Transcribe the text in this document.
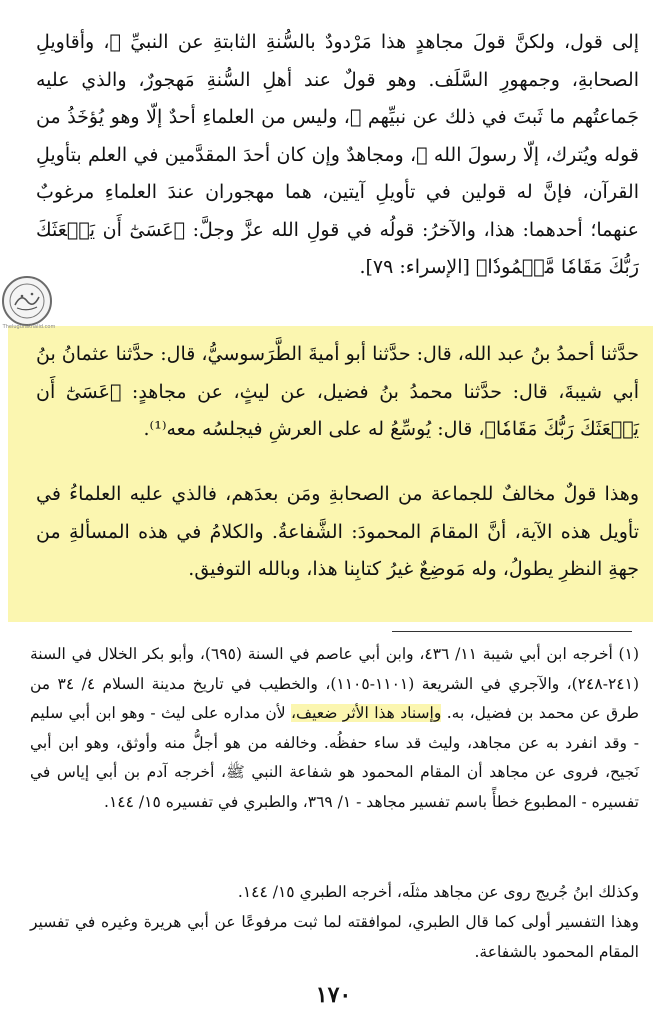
إلى قول، ولكنَّ قولَ مجاهدٍ هذا مَرْدودٌ بالسُّنةِ الثابتةِ عن النبيِّ ﷺ، وأقاويلِ الصحابةِ، وجمهورِ السَّلَف. وهو قولٌ عند أهلِ السُّنةِ مَهجورٌ، والذي عليه جَماعتُهم ما ثَبتَ في ذلك عن نبيِّهم ﷺ، وليس من العلماءِ أحدٌ إلّا وهو يُؤخَذُ من قوله ويُترك، إلّا رسولَ الله ﷺ، ومجاهدٌ وإن كان أحدَ المقدَّمين في العلم بتأويلِ القرآن، فإنَّ له قولين في تأويلِ آيتين، هما مهجوران عندَ العلماءِ مرغوبٌ عنهما؛ أحدهما: هذا، والآخرُ: قولُه في قولِ الله عزَّ وجلَّ: ﴿عَسَىٰٓ أَن يَبۡعَثَكَ رَبُّكَ مَقَامٗا مَّحۡمُودٗا﴾ [الإسراء: ٧٩].

حدَّثنا أحمدُ بنُ عبد الله، قال: حدَّثنا أبو أميةَ الطَّرَسوسيُّ، قال: حدَّثنا عثمانُ بنُ أبي شيبةَ، قال: حدَّثنا محمدُ بنُ فضيل، عن ليثٍ، عن مجاهدٍ: ﴿عَسَىٰٓ أَن يَبۡعَثَكَ رَبُّكَ مَقَامٗا﴾، قال: يُوسِّعُ له على العرشِ فيجلسُه معه⁽¹⁾.

وهذا قولٌ مخالفٌ للجماعة من الصحابةِ ومَن بعدَهم، فالذي عليه العلماءُ في تأويل هذه الآية، أنَّ المقامَ المحمودَ: الشَّفاعةُ. والكلامُ في هذه المسألةِ من جهةِ النظرِ يطولُ، وله مَوضِعٌ غيرُ كتابِنا هذا، وبالله التوفيق.

Thelugurakhalid.com

(١) أخرجه ابن أبي شيبة ١١/ ٤٣٦، وابن أبي عاصم في السنة (٦٩٥)، وأبو بكر الخلال في السنة (٢٤١-٢٤٨)، والآجري في الشريعة (١١٠١-١١٠٥)، والخطيب في تاريخ مدينة السلام ٤/ ٣٤ من طرق عن محمد بن فضيل، به. وإسناد هذا الأثر ضعيف، لأن مداره على ليث - وهو ابن أبي سليم - وقد انفرد به عن مجاهد، وليث قد ساء حفظُه. وخالفه من هو أجلُّ منه وأوثق، وهو ابن أبي نَجيح، فروى عن مجاهد أن المقام المحمود هو شفاعة النبي ﷺ، أخرجه آدم بن أبي إياس في تفسيره - المطبوع خطأً باسم تفسير مجاهد - ١/ ٣٦٩، والطبري في تفسيره ١٥/ ١٤٤.

وكذلك ابنُ جُريج روى عن مجاهد مثلَه، أخرجه الطبري ١٥/ ١٤٤.

وهذا التفسير أولى كما قال الطبري، لموافقته لما ثبت مرفوعًا عن أبي هريرة وغيره في تفسير المقام المحمود بالشفاعة.

١٧٠
